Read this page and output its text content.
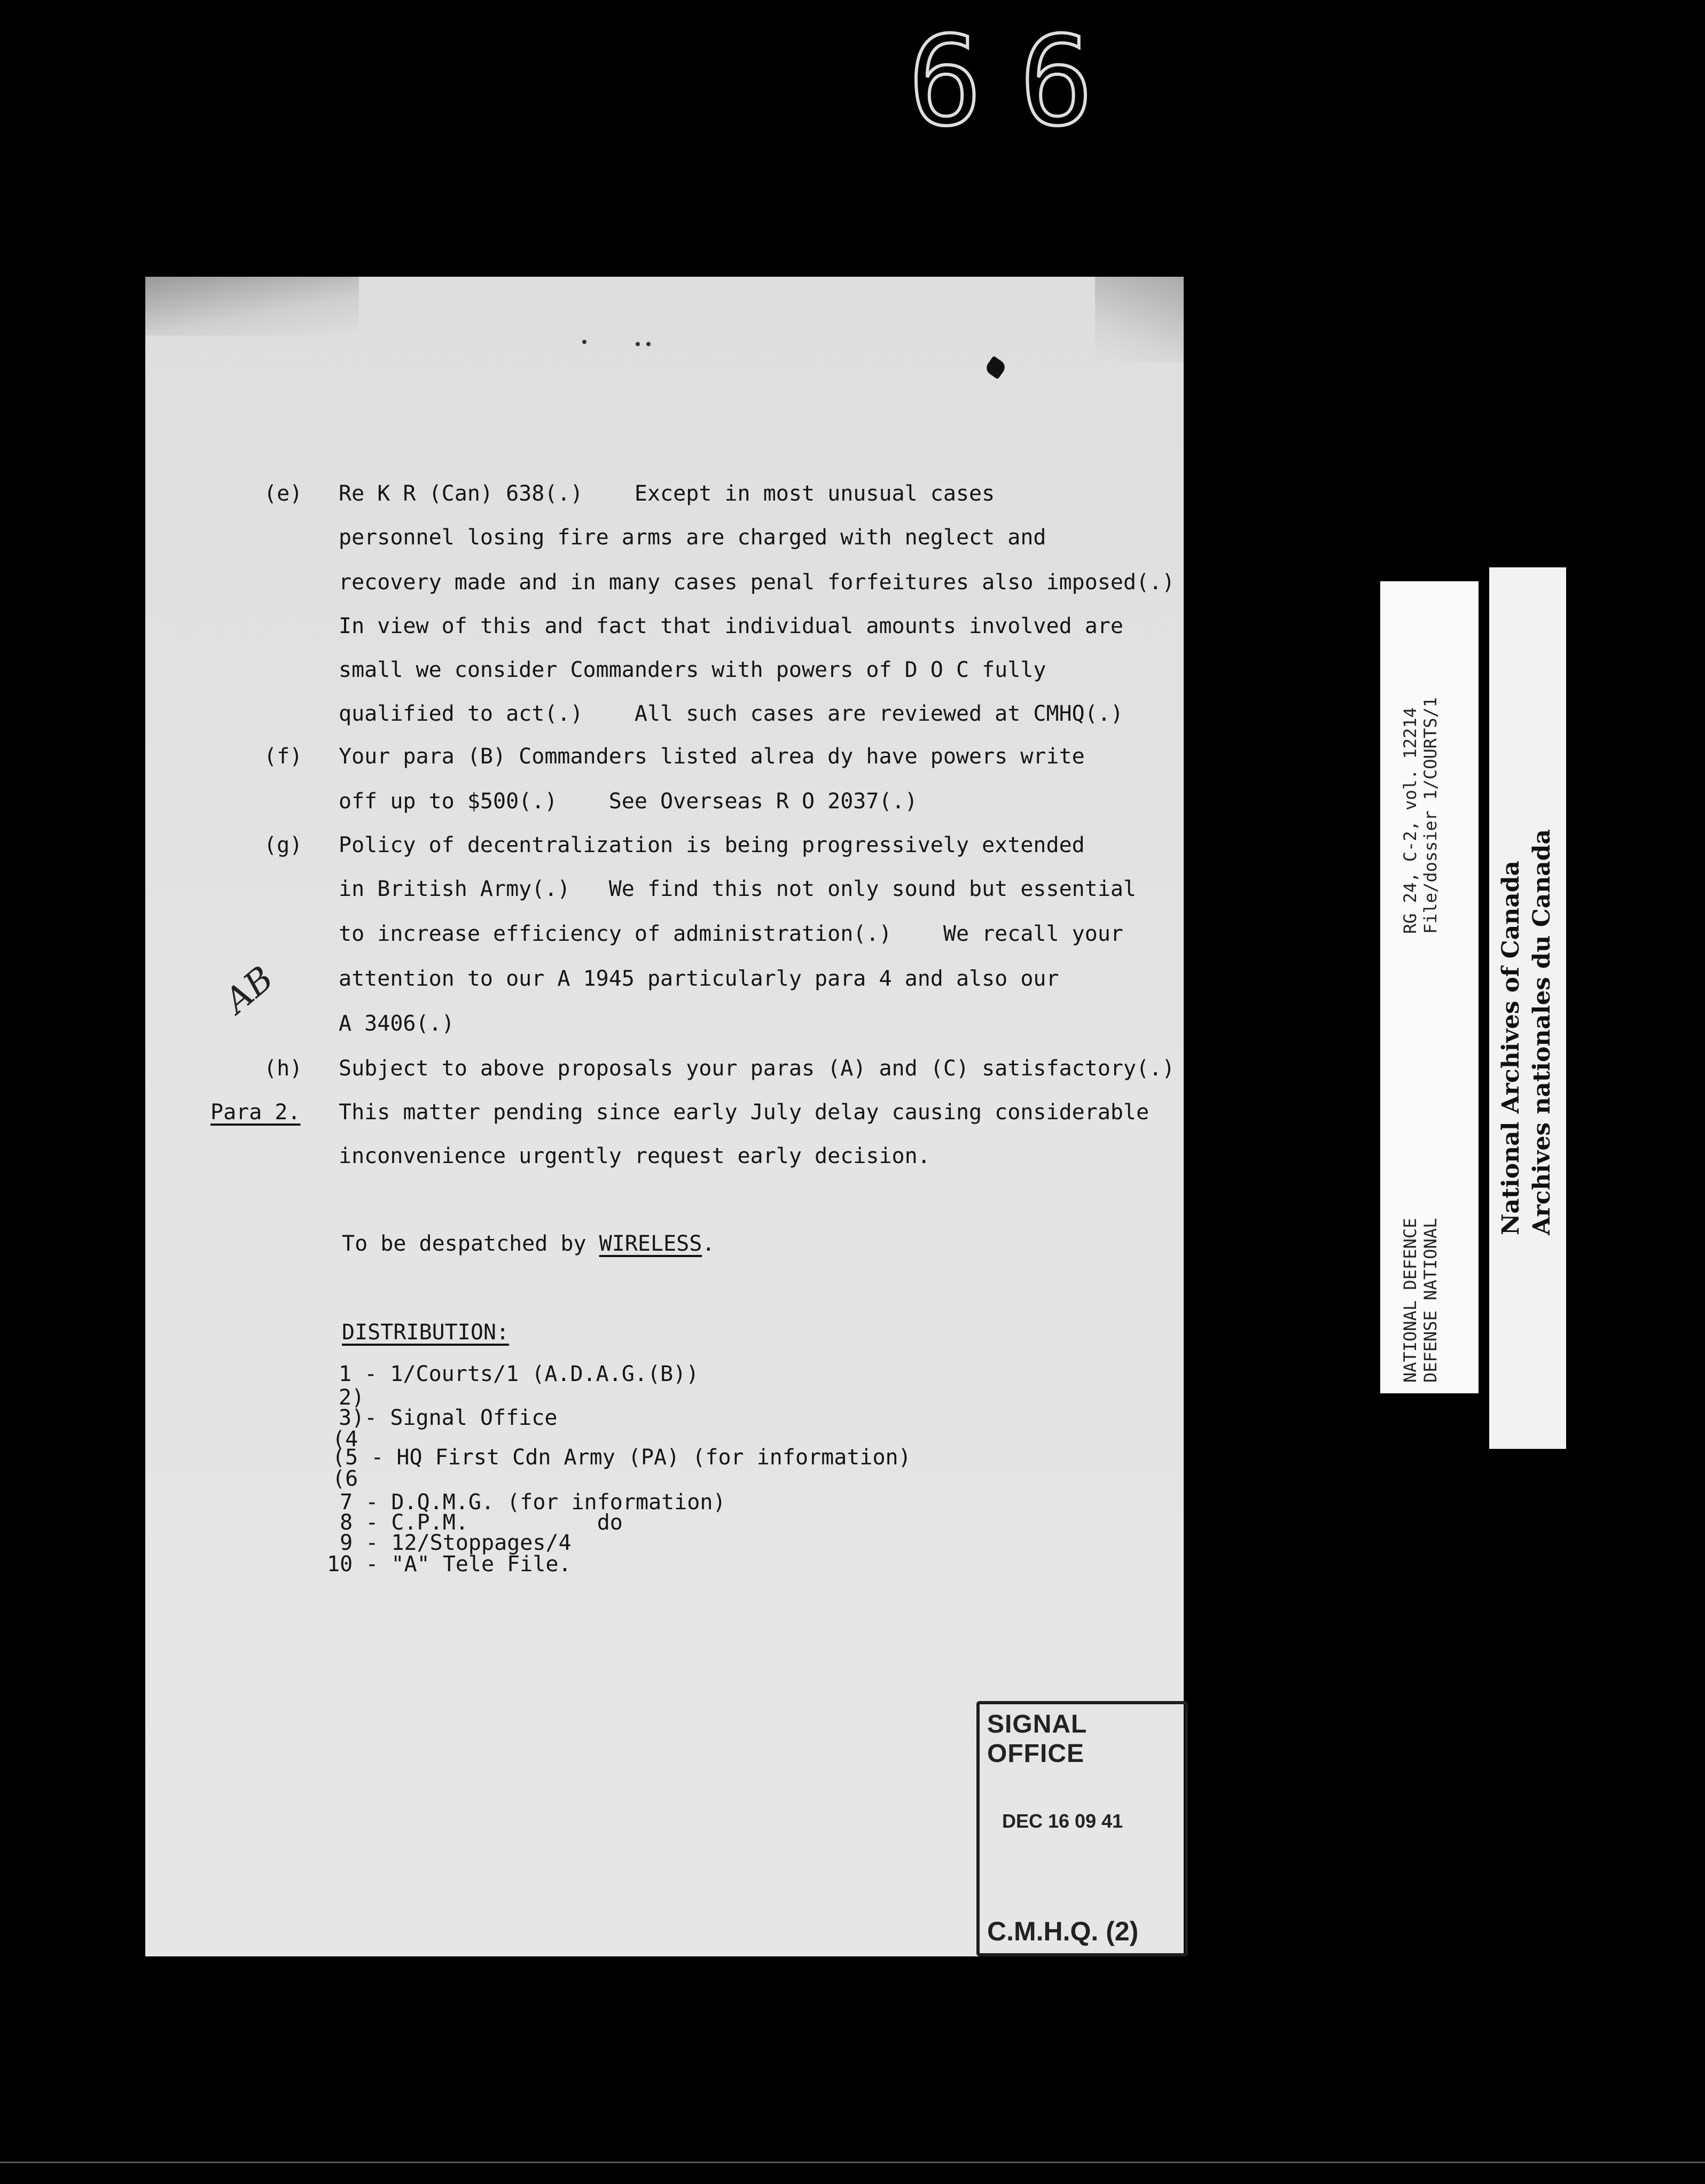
66
(e) Re K R (Can) 638(.)    Except in most unusual cases
personnel losing fire arms are charged with neglect and
recovery made and in many cases penal forfeitures also imposed(.)
In view of this and fact that individual amounts involved are
small we consider Commanders with powers of D O C fully
qualified to act(.)    All such cases are reviewed at CMHQ(.)
(f) Your para (B) Commanders listed alrea dy have powers write
off up to $500(.)    See Overseas R O 2037(.)
(g) Policy of decentralization is being progressively extended
in British Army(.)   We find this not only sound but essential
to increase efficiency of administration(.)    We recall your
attention to our A 1945 particularly para 4 and also our
A 3406(.)
AB
(h) Subject to above proposals your paras (A) and (C) satisfactory(.)
Para 2. This matter pending since early July delay causing considerable
inconvenience urgently request early decision.
To be despatched by WIRELESS.
DISTRIBUTION:
1 - 1/Courts/1 (A.D.A.G.(B))
2)
3)- Signal Office
(4
(5 - HQ First Cdn Army (PA) (for information)
(6
7 - D.Q.M.G. (for information)
8 - C.P.M.          do
9 - 12/Stoppages/4
10 - "A" Tele File.
SIGNAL OFFICE
DEC 16 09 41
C.M.H.Q. (2)
RG 24, C-2, vol. 12214 File/dossier 1/COURTS/1
NATIONAL DEFENCE DEFENSE NATIONAL
National Archives of Canada Archives nationales du Canada
